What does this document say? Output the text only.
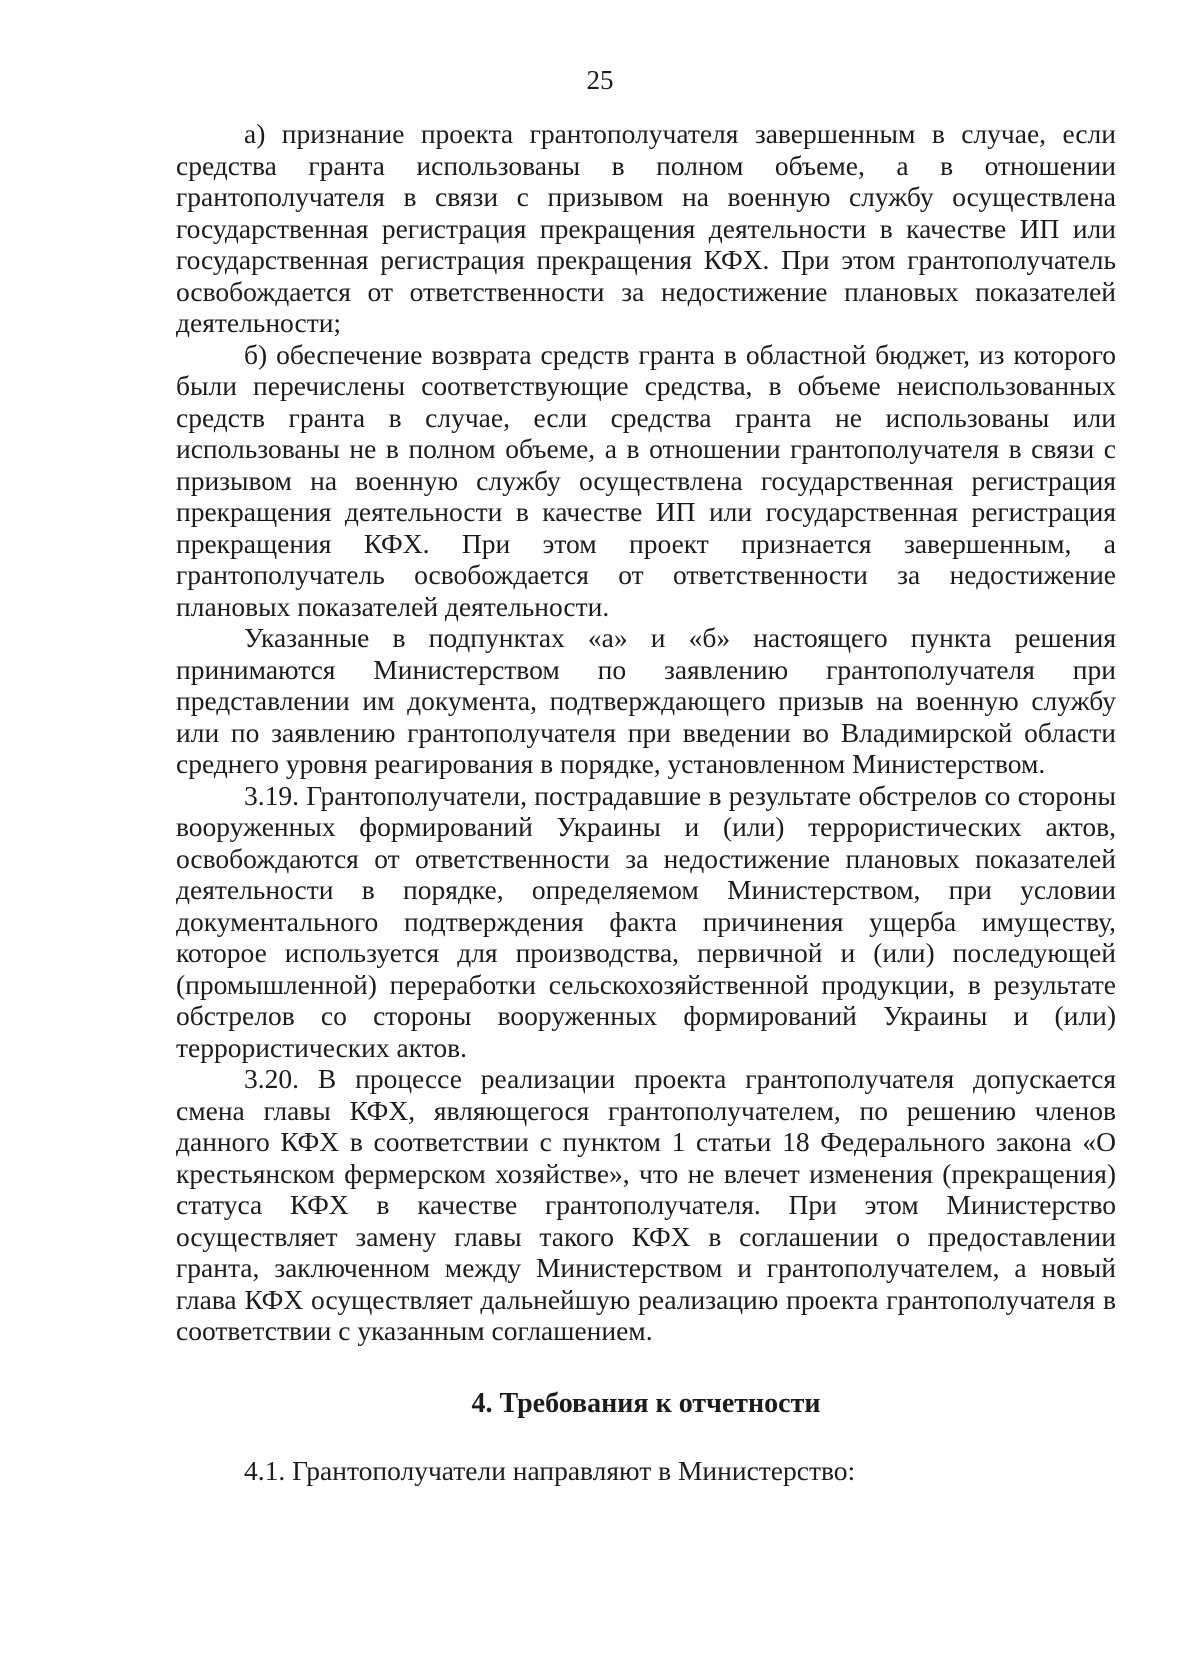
25

а) признание проекта грантополучателя завершенным в случае, если средства гранта использованы в полном объеме, а в отношении грантополучателя в связи с призывом на военную службу осуществлена государственная регистрация прекращения деятельности в качестве ИП или государственная регистрация прекращения КФХ. При этом грантополучатель освобождается от ответственности за недостижение плановых показателей деятельности;

б) обеспечение возврата средств гранта в областной бюджет, из которого были перечислены соответствующие средства, в объеме неиспользованных средств гранта в случае, если средства гранта не использованы или использованы не в полном объеме, а в отношении грантополучателя в связи с призывом на военную службу осуществлена государственная регистрация прекращения деятельности в качестве ИП или государственная регистрация прекращения КФХ. При этом проект признается завершенным, а грантополучатель освобождается от ответственности за недостижение плановых показателей деятельности.

Указанные в подпунктах «а» и «б» настоящего пункта решения принимаются Министерством по заявлению грантополучателя при представлении им документа, подтверждающего призыв на военную службу или по заявлению грантополучателя при введении во Владимирской области среднего уровня реагирования в порядке, установленном Министерством.

3.19. Грантополучатели, пострадавшие в результате обстрелов со стороны вооруженных формирований Украины и (или) террористических актов, освобождаются от ответственности за недостижение плановых показателей деятельности в порядке, определяемом Министерством, при условии документального подтверждения факта причинения ущерба имуществу, которое используется для производства, первичной и (или) последующей (промышленной) переработки сельскохозяйственной продукции, в результате обстрелов со стороны вооруженных формирований Украины и (или) террористических актов.

3.20. В процессе реализации проекта грантополучателя допускается смена главы КФХ, являющегося грантополучателем, по решению членов данного КФХ в соответствии с пунктом 1 статьи 18 Федерального закона «О крестьянском фермерском хозяйстве», что не влечет изменения (прекращения) статуса КФХ в качестве грантополучателя. При этом Министерство осуществляет замену главы такого КФХ в соглашении о предоставлении гранта, заключенном между Министерством и грантополучателем, а новый глава КФХ осуществляет дальнейшую реализацию проекта грантополучателя в соответствии с указанным соглашением.

4. Требования к отчетности

4.1. Грантополучатели направляют в Министерство:
